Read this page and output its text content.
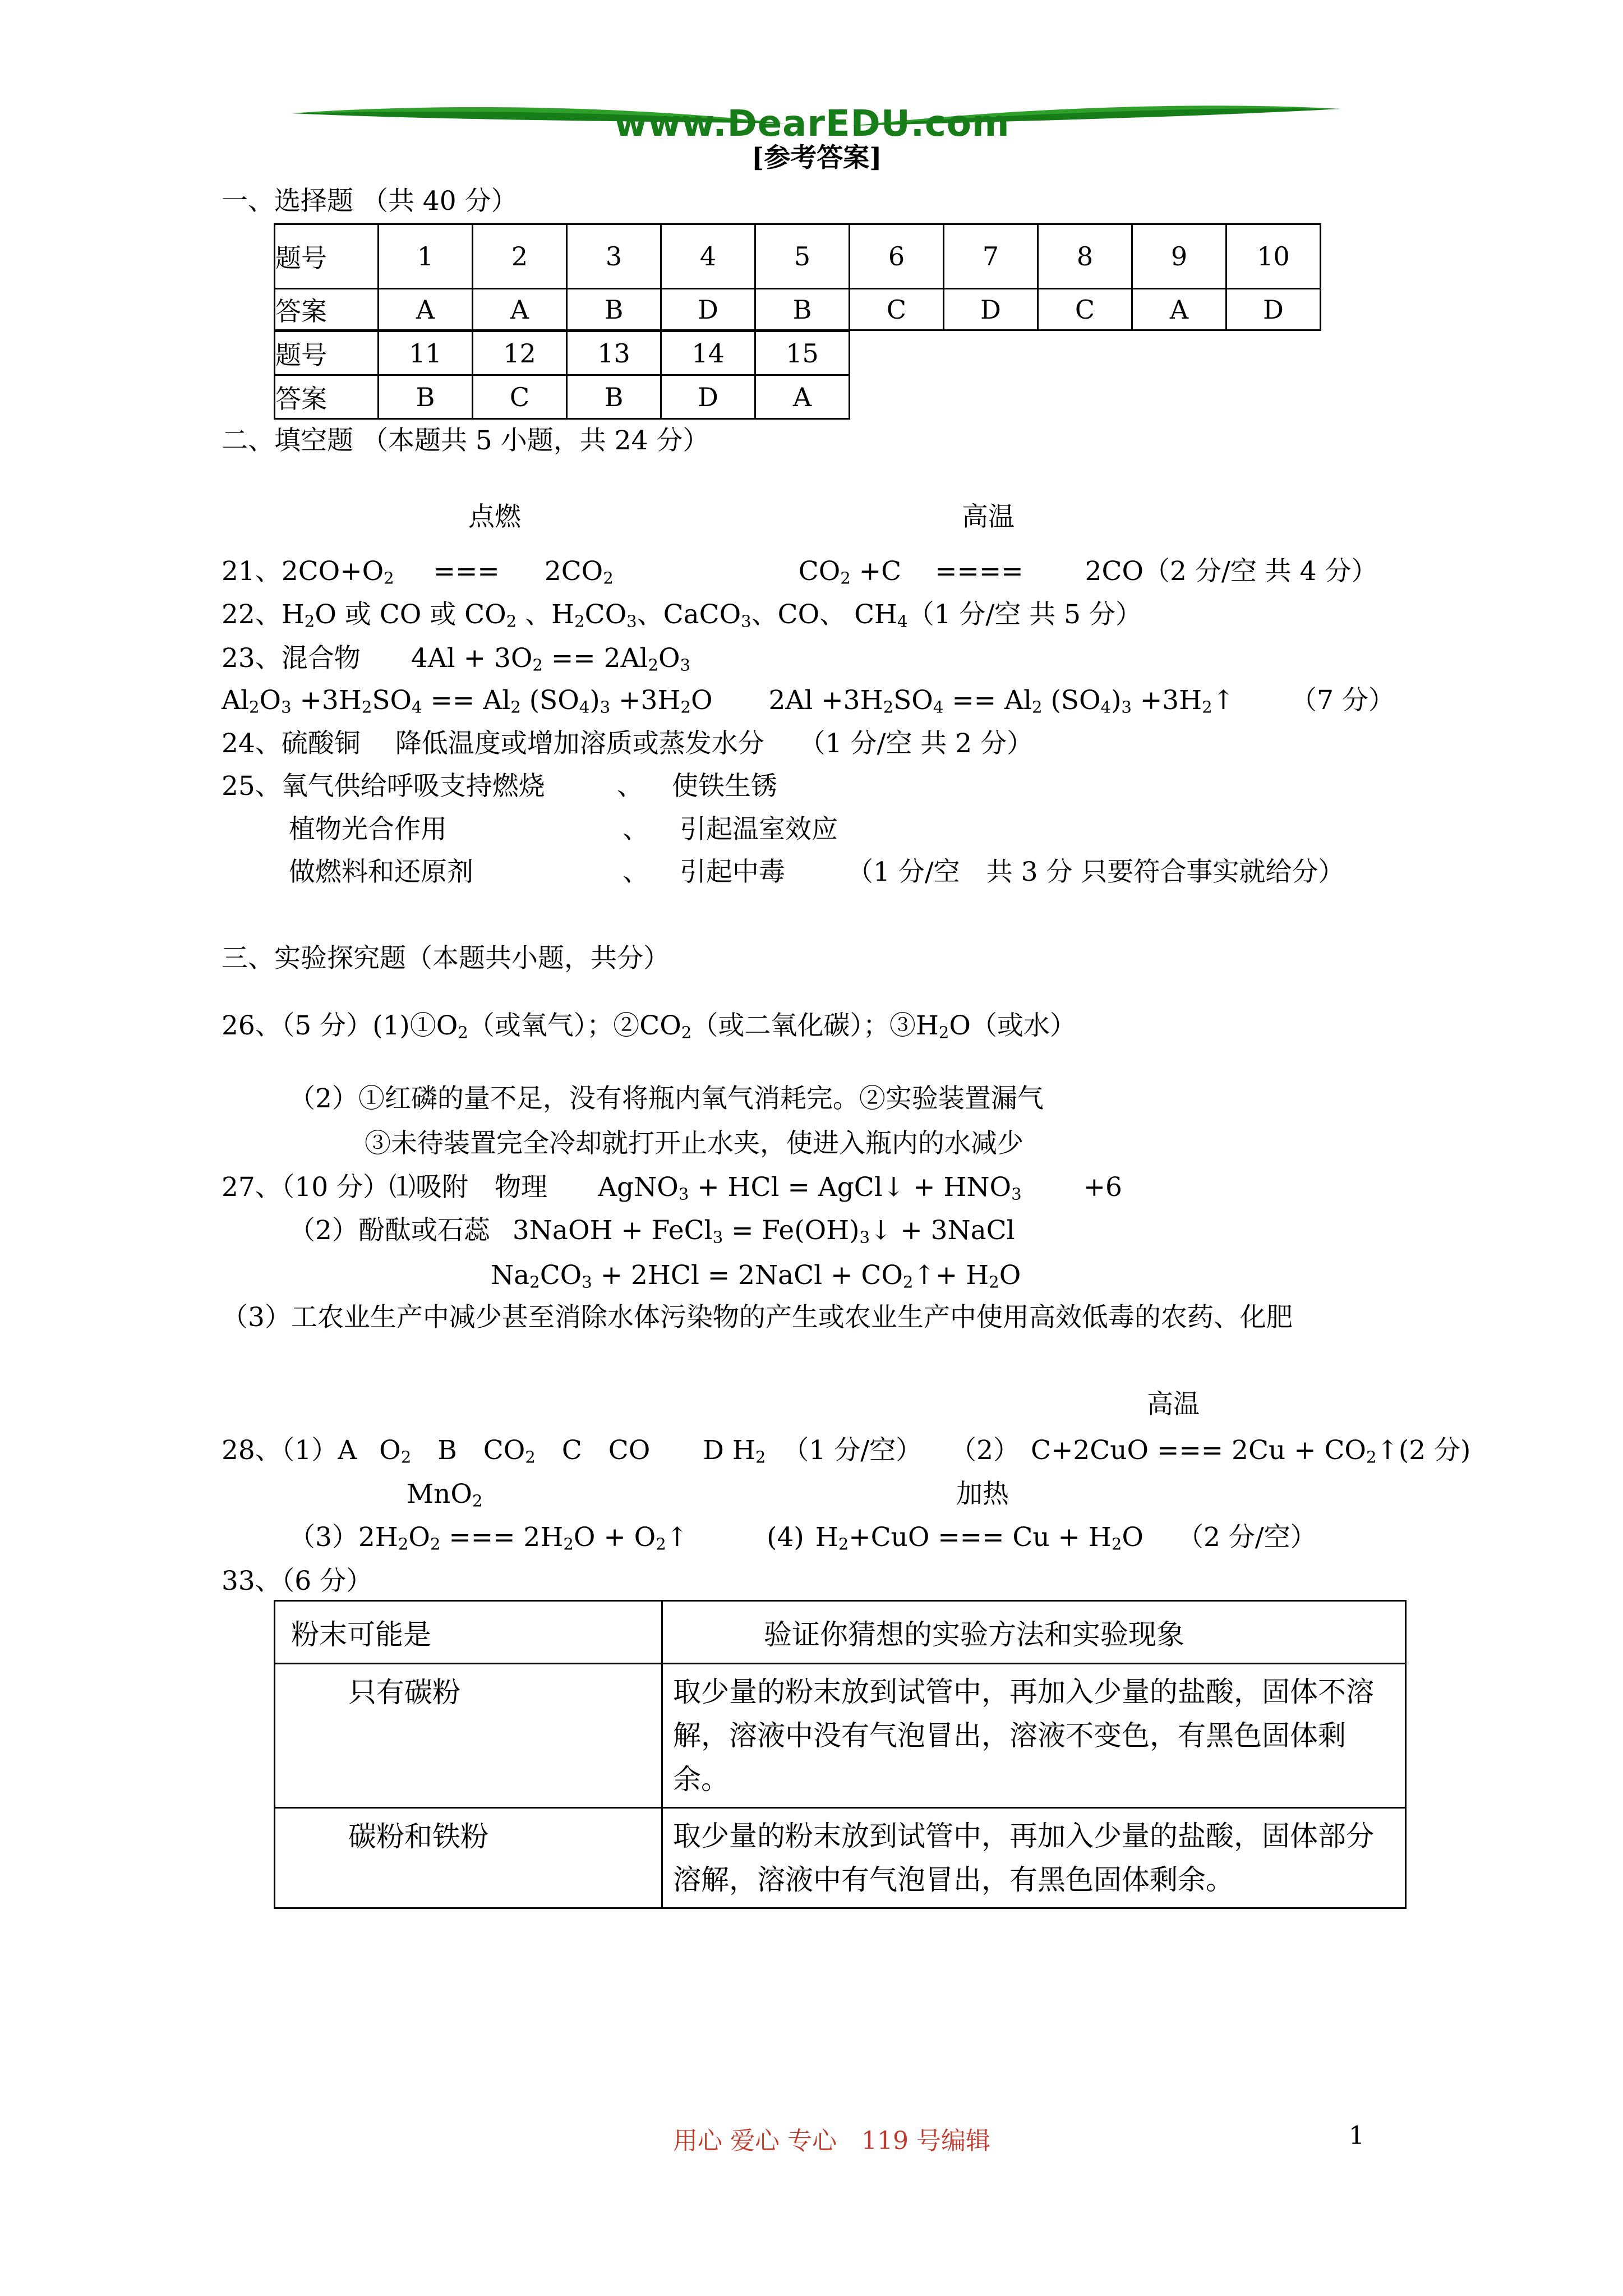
www.DearEDU.com
[参考答案]
一、选择题 （共 40 分）
题号	1	2	3	4	5	6	7	8	9	10
答案	A	A	B	D	B	C	D	C	A	D
题号	11	12	13	14	15
答案	B	C	B	D	A
二、填空题 （本题共 5 小题，共 24 分）
点燃	高温
21、$2CO+O_2$ === $2CO_2$	$CO_2 +C$ ==== 2CO（2 分/空 共 4 分）
22、$H_2O$ 或 CO 或 $CO_2$ 、$H_2CO_3$、CaCO$_3$、CO、 $CH_4(1$ 分/空 共 5 分）
23、混合物 $4Al + 3O_2 == 2Al_2O_3$
$Al_2O_3 +3H_2SO_4 == Al_2$ $(SO_4)_3 +3H_2O$ $2Al +3H_2SO_4 == Al_2$ $(SO_4)_3$ $+3H_2↑$ （7 分）
24、硫酸铜　 降低温度或增加溶质或蒸发水分　 （1 分/空 共 2 分）
25、氧气供给呼吸支持燃烧	、 使铁生锈
植物光合作用	、 引起温室效应
做燃料和还原剂	、 引起中毒 （1 分/空　共 3 分 只要符合事实就给分）
三、实验探究题（本题共小题，共分）
26、（5 分）$(1)①O_2$（或氧气）；$②CO_2$（或二氧化碳）；$③H_2O$（或水）
（2）①红磷的量不足，没有将瓶内氧气消耗完。②实验装置漏气
③未待装置完全冷却就打开止水夹，使进入瓶内的水减少
27、（10 分）⑴吸附　物理 AgNO$_3$ + HCl = AgCl↓ + $HNO_3 +6$
（2）酚酞或石蕊 3NaOH + FeCl$_3$ = $Fe(OH)_3↓$ + 3NaCl
$Na_2CO_3 + 2HCl$ = 2NaCl + $CO_2↑+ H_2O$
（3）工农业生产中减少甚至消除水体污染物的产生或农业生产中使用高效低毒的农药、化肥
高温
28、（1）A $O_2$　B　$CO_2$　C　CO　　D $H_2$ （1 分/空） （2） C+2CuO === $2Cu + CO_2↑(2$ 分)
MnO$_2$	加热
$(3)2H_2O_2$ === $2H_2O$ + $O_2↑$	(4) $H_2+CuO$ === $Cu + H_2O$ （2 分/空）
33、（6 分）
粉末可能是	验证你猜想的实验方法和实验现象
只有碳粉	取少量的粉末放到试管中，再加入少量的盐酸，固体不溶
解，溶液中没有气泡冒出，溶液不变色，有黑色固体剩余。

碳粉和铁粉	取少量的粉末放到试管中，再加入少量的盐酸，固体部分
溶解，溶液中有气泡冒出，有黑色固体剩余。
用心 爱心 专心　119 号编辑	1
